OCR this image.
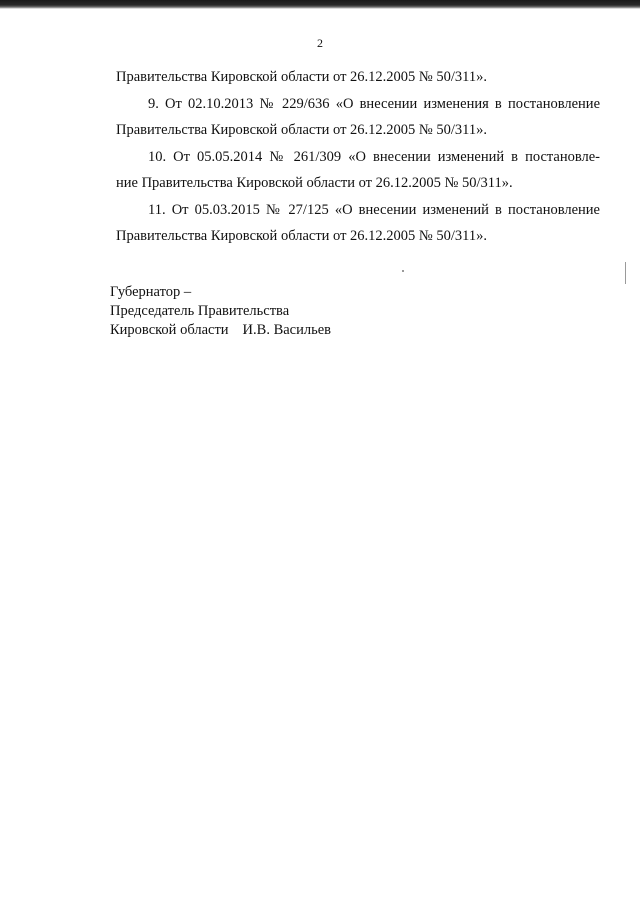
2
Правительства Кировской области от 26.12.2005 № 50/311».
9. От 02.10.2013 № 229/636 «О внесении изменения в постановление
Правительства Кировской области от 26.12.2005 № 50/311».
10. От 05.05.2014 № 261/309 «О внесении изменений в постановле-
ние Правительства Кировской области от 26.12.2005 № 50/311».
11. От 05.03.2015 № 27/125 «О внесении изменений в постановление
Правительства Кировской области от 26.12.2005 № 50/311».
Губернатор –
Председатель Правительства
Кировской области И.В. Васильев
